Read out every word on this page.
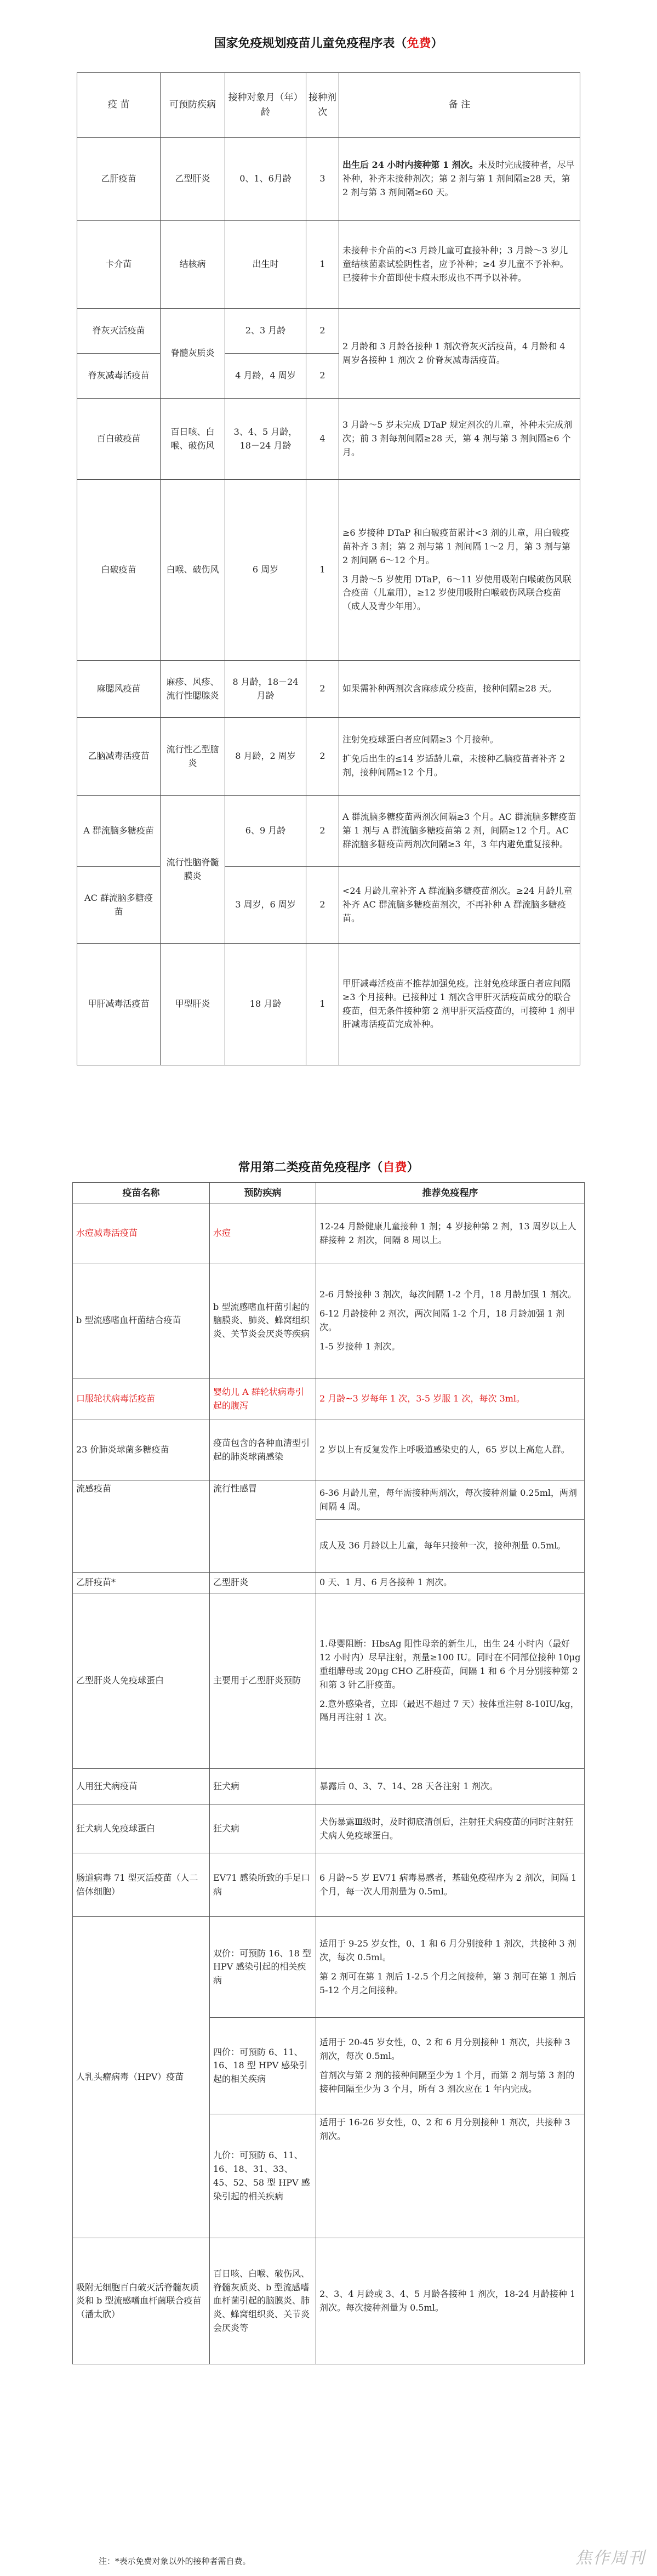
国家免疫规划疫苗儿童免疫程序表（免费）
疫 苗	可预防疾病	接种对象月（年）龄	接种剂次	备 注
乙肝疫苗	乙型肝炎	0、1、6月龄	3	出生后 24 小时内接种第 1 剂次。未及时完成接种者，尽早补种，补齐未接种剂次；第 2 剂与第 1 剂间隔≥28 天，第 2 剂与第 3 剂间隔≥60 天。
卡介苗	结核病	出生时	1	未接种卡介苗的<3 月龄儿童可直接补种；3 月龄～3 岁儿童结核菌素试验阴性者，应予补种；≥4 岁儿童不予补种。已接种卡介苗即使卡痕未形成也不再予以补种。
脊灰灭活疫苗	脊髓灰质炎	2、3 月龄	2	2 月龄和 3 月龄各接种 1 剂次脊灰灭活疫苗，4 月龄和 4 周岁各接种 1 剂次 2 价脊灰减毒活疫苗。
脊灰减毒活疫苗		4 月龄，4 周岁	2	
百白破疫苗	百日咳、白喉、破伤风	3、4、5 月龄，18－24 月龄	4	3 月龄～5 岁未完成 DTaP 规定剂次的儿童，补种未完成剂次；前 3 剂每剂间隔≥28 天，第 4 剂与第 3 剂间隔≥6 个月。
白破疫苗	白喉、破伤风	6 周岁	1	≥6 岁接种 DTaP 和白破疫苗累计<3 剂的儿童，用白破疫苗补齐 3 剂；第 2 剂与第 1 剂间隔 1～2 月，第 3 剂与第 2 剂间隔 6～12 个月。
3 月龄～5 岁使用 DTaP，6～11 岁使用吸附白喉破伤风联合疫苗（儿童用），≥12 岁使用吸附白喉破伤风联合疫苗（成人及青少年用）。

麻腮风疫苗	麻疹、风疹、流行性腮腺炎	8 月龄，18－24 月龄	2	如果需补种两剂次含麻疹成分疫苗，接种间隔≥28 天。
乙脑减毒活疫苗	流行性乙型脑炎	8 月龄，2 周岁	2	注射免疫球蛋白者应间隔≥3 个月接种。
扩免后出生的≤14 岁适龄儿童，未接种乙脑疫苗者补齐 2 剂，接种间隔≥12 个月。

A 群流脑多糖疫苗	流行性脑脊髓膜炎	6、9 月龄	2	A 群流脑多糖疫苗两剂次间隔≥3 个月。AC 群流脑多糖疫苗第 1 剂与 A 群流脑多糖疫苗第 2 剂，间隔≥12 个月。AC 群流脑多糖疫苗两剂次间隔≥3 年，3 年内避免重复接种。
AC 群流脑多糖疫苗		3 周岁，6 周岁	2	<24 月龄儿童补齐 A 群流脑多糖疫苗剂次。≥24 月龄儿童补齐 AC 群流脑多糖疫苗剂次，不再补种 A 群流脑多糖疫苗。
甲肝减毒活疫苗	甲型肝炎	18 月龄	1	甲肝减毒活疫苗不推荐加强免疫。注射免疫球蛋白者应间隔≥3 个月接种。已接种过 1 剂次含甲肝灭活疫苗成分的联合疫苗，但无条件接种第 2 剂甲肝灭活疫苗的，可接种 1 剂甲肝减毒活疫苗完成补种。
常用第二类疫苗免疫程序（自费）
疫苗名称	预防疾病	推荐免疫程序
水痘减毒活疫苗	水痘	12-24 月龄健康儿童接种 1 剂；4 岁接种第 2 剂，13 周岁以上人群接种 2 剂次，间隔 8 周以上。
b 型流感嗜血杆菌结合疫苗	b 型流感嗜血杆菌引起的脑膜炎、肺炎、蜂窝组织炎、关节炎会厌炎等疾病	2-6 月龄接种 3 剂次，每次间隔 1-2 个月，18 月龄加强 1 剂次。
6-12 月龄接种 2 剂次，两次间隔 1-2 个月，18 月龄加强 1 剂次。
1-5 岁接种 1 剂次。

口服轮状病毒活疫苗	婴幼儿 A 群轮状病毒引起的腹泻	2 月龄~3 岁每年 1 次，3-5 岁服 1 次，每次 3ml。
23 价肺炎球菌多糖疫苗	疫苗包含的各种血清型引起的肺炎球菌感染	2 岁以上有反复发作上呼吸道感染史的人，65 岁以上高危人群。
流感疫苗	流行性感冒	6-36 月龄儿童，每年需接种两剂次，每次接种剂量 0.25ml，两剂间隔 4 周。
		成人及 36 月龄以上儿童，每年只接种一次，接种剂量 0.5ml。
乙肝疫苗*	乙型肝炎	0 天、1 月、6 月各接种 1 剂次。
乙型肝炎人免疫球蛋白	主要用于乙型肝炎预防	1.母婴阻断：HbsAg 阳性母亲的新生儿，出生 24 小时内（最好 12 小时内）尽早注射，剂量≥100 IU。同时在不同部位接种 10μg 重组酵母或 20μg CHO 乙肝疫苗，间隔 1 和 6 个月分别接种第 2 和第 3 针乙肝疫苗。
2.意外感染者，立即（最迟不超过 7 天）按体重注射 8-10IU/kg，隔月再注射 1 次。

人用狂犬病疫苗	狂犬病	暴露后 0、3、7、14、28 天各注射 1 剂次。
狂犬病人免疫球蛋白	狂犬病	犬伤暴露Ⅲ级时，及时彻底清创后，注射狂犬病疫苗的同时注射狂犬病人免疫球蛋白。
肠道病毒 71 型灭活疫苗（人二倍体细胞）	EV71 感染所致的手足口病	6 月龄~5 岁 EV71 病毒易感者，基础免疫程序为 2 剂次，间隔 1 个月，每一次人用剂量为 0.5ml。
人乳头瘤病毒（HPV）疫苗	双价：可预防 16、18 型 HPV 感染引起的相关疾病	适用于 9-25 岁女性，0、1 和 6 月分别接种 1 剂次，共接种 3 剂次，每次 0.5ml。
第 2 剂可在第 1 剂后 1-2.5 个月之间接种，第 3 剂可在第 1 剂后 5-12 个月之间接种。

	四价：可预防 6、11、16、18 型 HPV 感染引起的相关疾病	适用于 20-45 岁女性，0、2 和 6 月分别接种 1 剂次，共接种 3 剂次，每次 0.5ml。
首剂次与第 2 剂的接种间隔至少为 1 个月，而第 2 剂与第 3 剂的接种间隔至少为 3 个月，所有 3 剂次应在 1 年内完成。

	九价：可预防 6、11、16、18、31、33、45、52、58 型 HPV 感染引起的相关疾病	适用于 16-26 岁女性，0、2 和 6 月分别接种 1 剂次，共接种 3 剂次。
吸附无细胞百白破灭活脊髓灰质炎和 b 型流感嗜血杆菌联合疫苗（潘太欣）	百日咳、白喉、破伤风、脊髓灰质炎、b 型流感嗜血杆菌引起的脑膜炎、肺炎、蜂窝组织炎、关节炎会厌炎等	2、3、4 月龄或 3、4、5 月龄各接种 1 剂次，18-24 月龄接种 1 剂次。每次接种剂量为 0.5ml。
注：*表示免费对象以外的接种者需自费。	焦作周刊
